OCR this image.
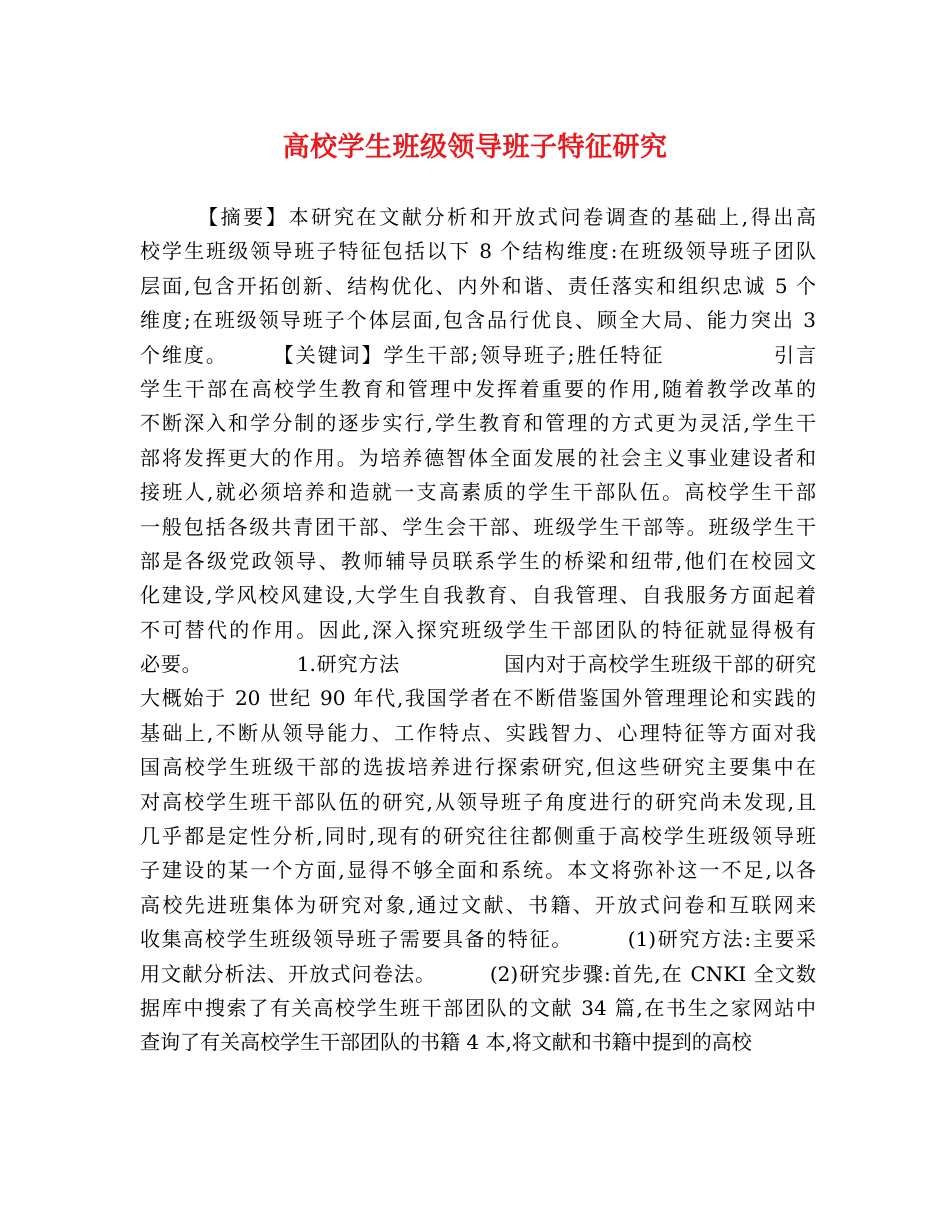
高校学生班级领导班子特征研究
　　　【摘要】本研究在文献分析和开放式问卷调查的基础上,得出高
校学生班级领导班子特征包括以下 8 个结构维度:在班级领导班子团队
层面,包含开拓创新、结构优化、内外和谐、责任落实和组织忠诚 5 个
维度;在班级领导班子个体层面,包含品行优良、顾全大局、能力突出 3
个维度。　　　【关键词】学生干部;领导班子;胜任特征　　　　　引言
学生干部在高校学生教育和管理中发挥着重要的作用,随着教学改革的
不断深入和学分制的逐步实行,学生教育和管理的方式更为灵活,学生干
部将发挥更大的作用。为培养德智体全面发展的社会主义事业建设者和
接班人,就必须培养和造就一支高素质的学生干部队伍。高校学生干部
一般包括各级共青团干部、学生会干部、班级学生干部等。班级学生干
部是各级党政领导、教师辅导员联系学生的桥梁和纽带,他们在校园文
化建设,学风校风建设,大学生自我教育、自我管理、自我服务方面起着
不可替代的作用。因此,深入探究班级学生干部团队的特征就显得极有
必要。　　　　　1.研究方法　　　　　国内对于高校学生班级干部的研究
大概始于 20 世纪 90 年代,我国学者在不断借鉴国外管理理论和实践的
基础上,不断从领导能力、工作特点、实践智力、心理特征等方面对我
国高校学生班级干部的选拔培养进行探索研究,但这些研究主要集中在
对高校学生班干部队伍的研究,从领导班子角度进行的研究尚未发现,且
几乎都是定性分析,同时,现有的研究往往都侧重于高校学生班级领导班
子建设的某一个方面,显得不够全面和系统。本文将弥补这一不足,以各
高校先进班集体为研究对象,通过文献、书籍、开放式问卷和互联网来
收集高校学生班级领导班子需要具备的特征。　　　(1)研究方法:主要采
用文献分析法、开放式问卷法。　　　(2)研究步骤:首先,在 CNKI 全文数
据库中搜索了有关高校学生班干部团队的文献 34 篇,在书生之家网站中
查询了有关高校学生干部团队的书籍 4 本,将文献和书籍中提到的高校
